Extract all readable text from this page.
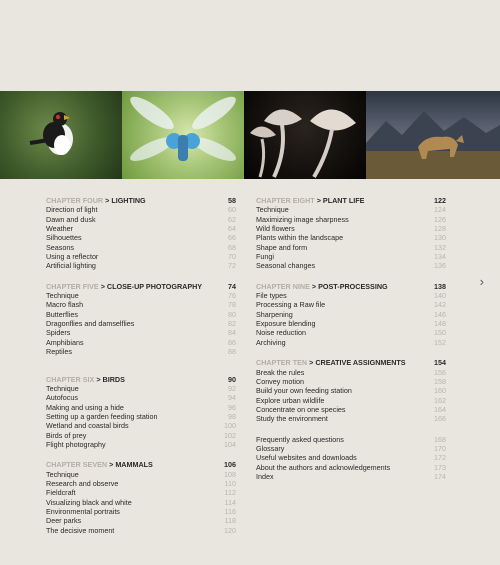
›
CHAPTER FOUR > LIGHTING	58
Direction of light	60
Dawn and dusk	62
Weather	64
Silhouettes	66
Seasons	68
Using a reflector	70
Artificial lighting	72
CHAPTER FIVE > CLOSE-UP PHOTOGRAPHY	74
Technique	76
Macro flash	78
Butterflies	80
Dragonflies and damselflies	82
Spiders	84
Amphibians	86
Reptiles	88
CHAPTER SIX > BIRDS	90
Technique	92
Autofocus	94
Making and using a hide	96
Setting up a garden feeding station	98
Wetland and coastal birds	100
Birds of prey	102
Flight photography	104
CHAPTER SEVEN > MAMMALS	106
Technique	108
Research and observe	110
Fieldcraft	112
Visualizing black and white	114
Environmental portraits	116
Deer parks	118
The decisive moment	120
CHAPTER EIGHT > PLANT LIFE	122
Technique	124
Maximizing image sharpness	126
Wild flowers	128
Plants within the landscape	130
Shape and form	132
Fungi	134
Seasonal changes	136
CHAPTER NINE > POST-PROCESSING	138
File types	140
Processing a Raw file	142
Sharpening	146
Exposure blending	148
Noise reduction	150
Archiving	152
CHAPTER TEN > CREATIVE ASSIGNMENTS	154
Break the rules	156
Convey motion	158
Build your own feeding station	160
Explore urban wildlife	162
Concentrate on one species	164
Study the environment	166
Frequently asked questions	168
Glossary	170
Useful websites and downloads	172
About the authors and acknowledgements	173
Index	174
